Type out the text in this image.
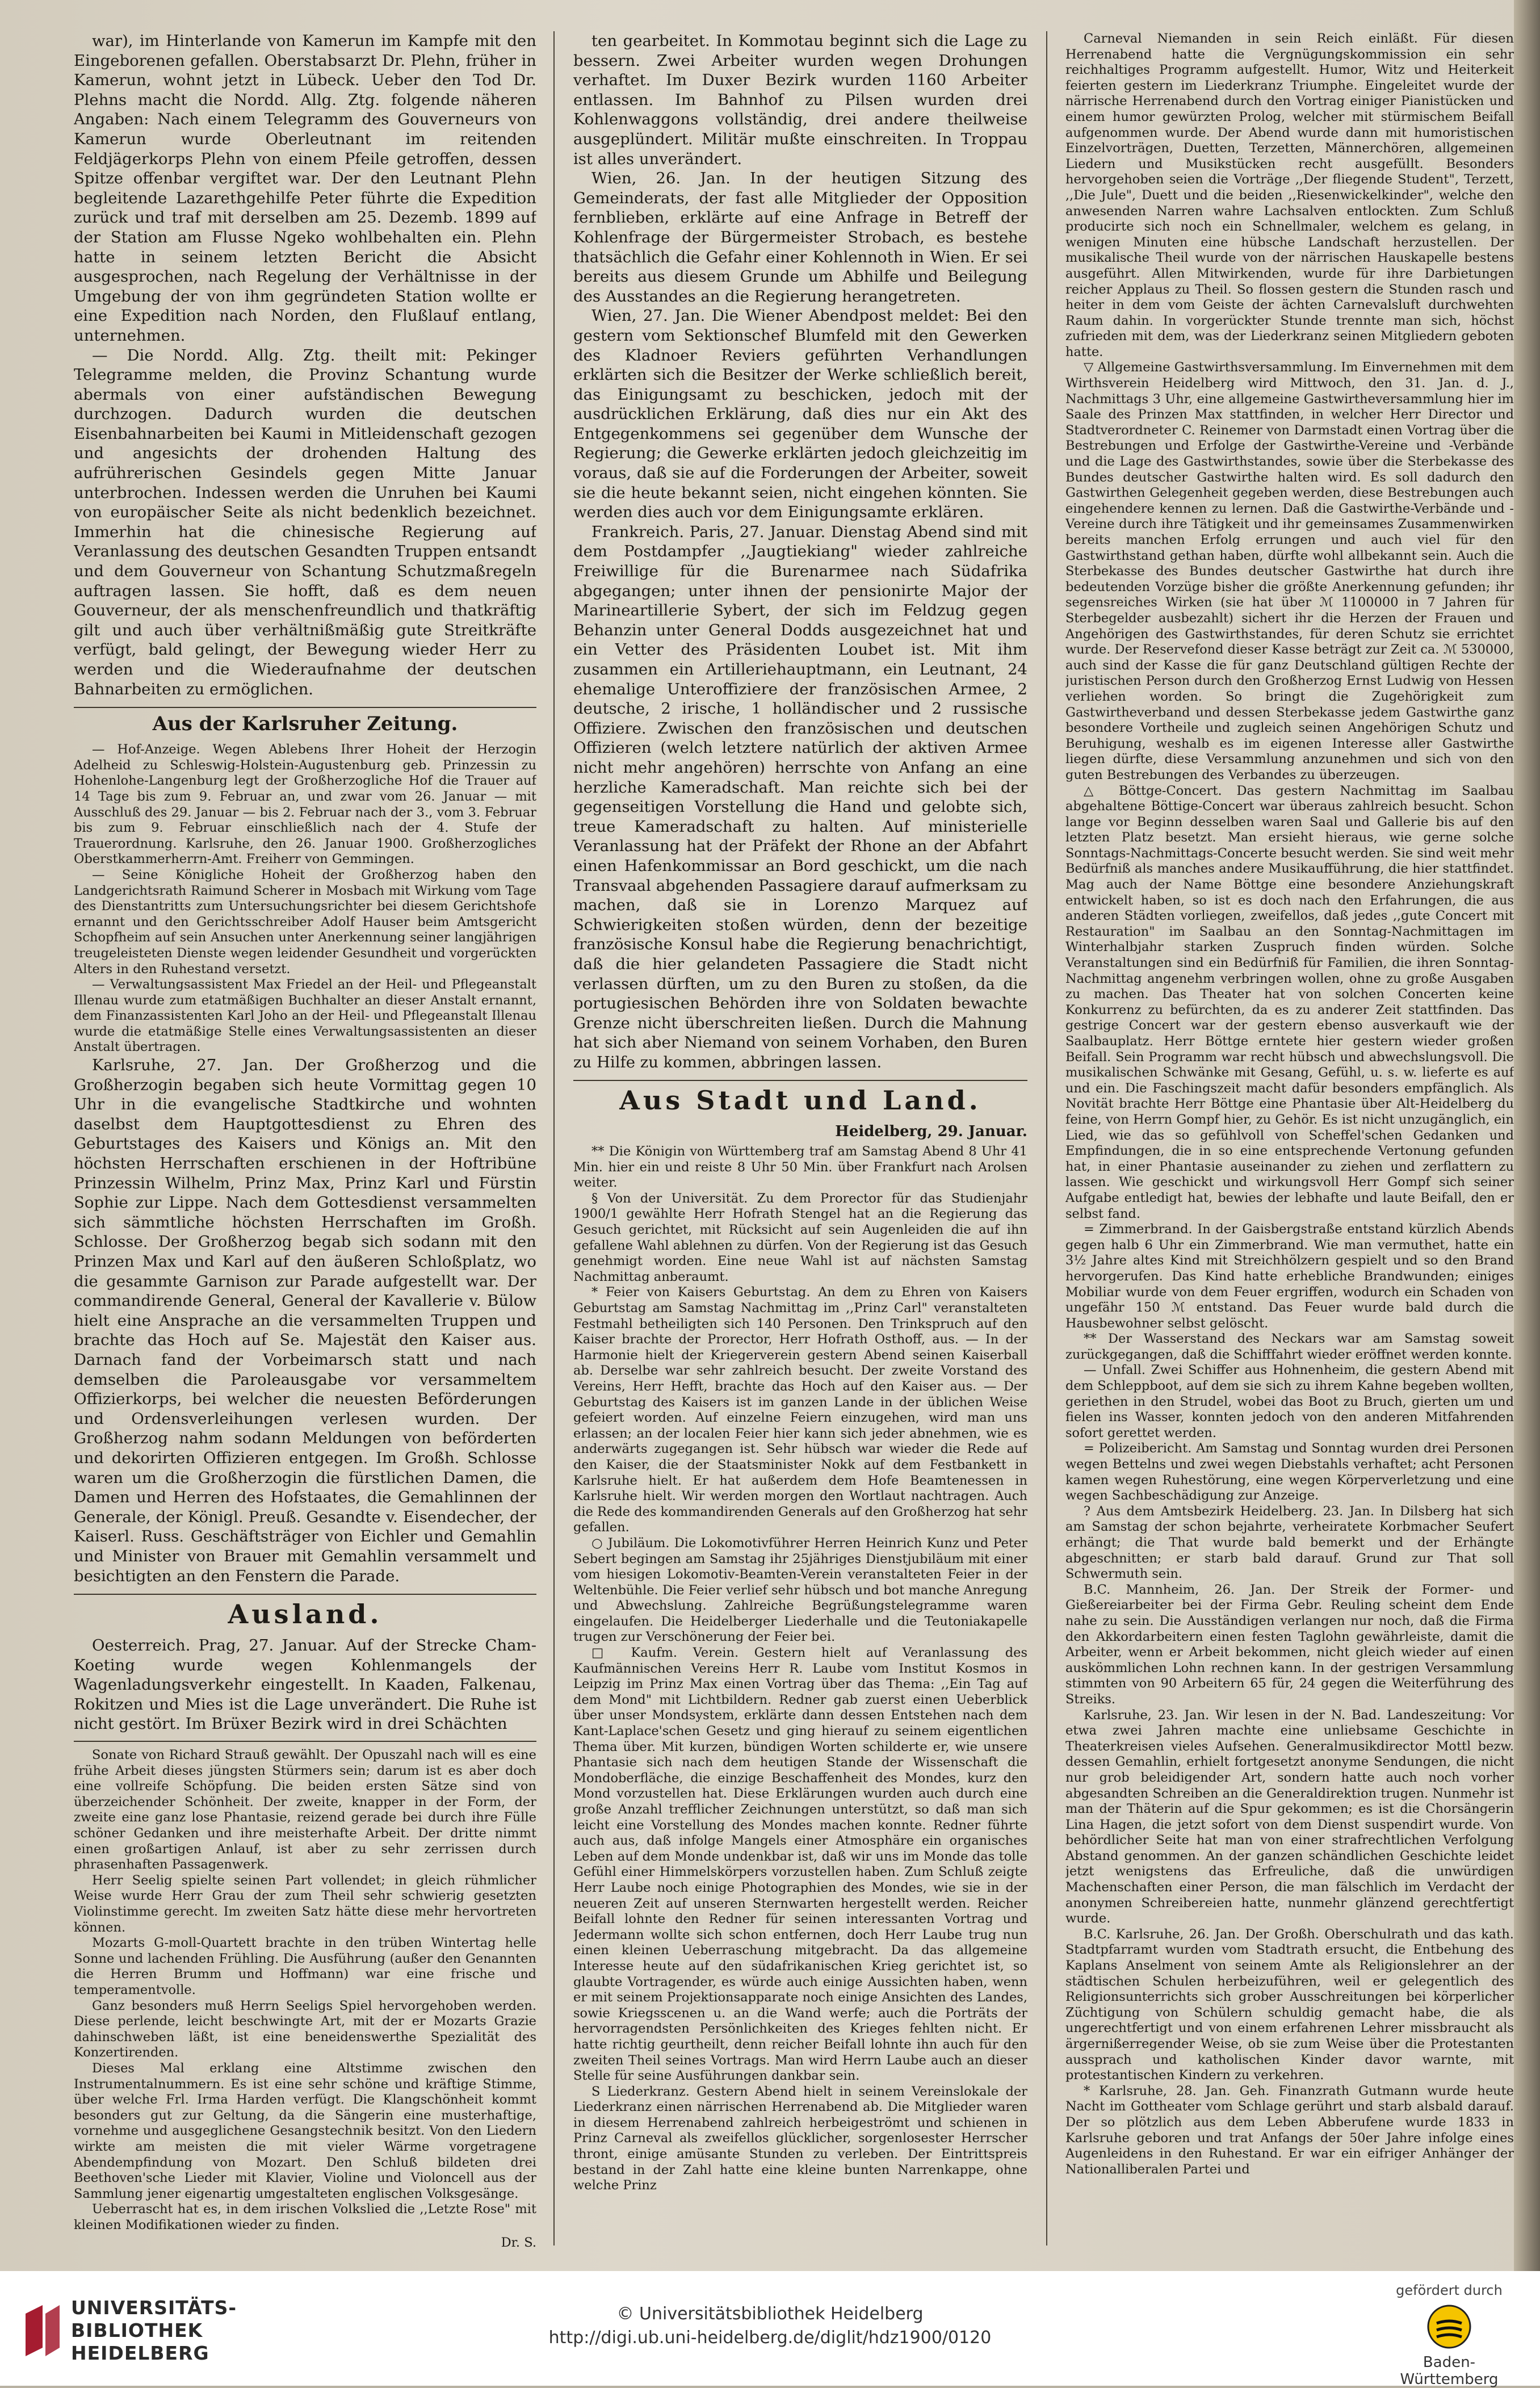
war), im Hinterlande von Kamerun im Kampfe mit den Eingeborenen gefallen. Oberstabsarzt Dr. Plehn, früher in Kamerun, wohnt jetzt in Lübeck. Ueber den Tod Dr. Plehns macht die Nordd. Allg. Ztg. folgende näheren Angaben: Nach einem Telegramm des Gouverneurs von Kamerun wurde Oberleutnant im reitenden Feldjägerkorps Plehn von einem Pfeile getroffen, dessen Spitze offenbar vergiftet war. Der den Leutnant Plehn begleitende Lazarethgehilfe Peter führte die Expedition zurück und traf mit derselben am 25. Dezemb. 1899 auf der Station am Flusse Ngeko wohlbehalten ein. Plehn hatte in seinem letzten Bericht die Absicht ausgesprochen, nach Regelung der Verhältnisse in der Umgebung der von ihm gegründeten Station wollte er eine Expedition nach Norden, den Flußlauf entlang, unternehmen.

— Die Nordd. Allg. Ztg. theilt mit: Pekinger Telegramme melden, die Provinz Schantung wurde abermals von einer aufständischen Bewegung durchzogen. Dadurch wurden die deutschen Eisenbahnarbeiten bei Kaumi in Mitleidenschaft gezogen und angesichts der drohenden Haltung des aufrührerischen Gesindels gegen Mitte Januar unterbrochen. Indessen werden die Unruhen bei Kaumi von europäischer Seite als nicht bedenklich bezeichnet. Immerhin hat die chinesische Regierung auf Veranlassung des deutschen Gesandten Truppen entsandt und dem Gouverneur von Schantung Schutzmaßregeln auftragen lassen. Sie hofft, daß es dem neuen Gouverneur, der als menschenfreundlich und thatkräftig gilt und auch über verhältnißmäßig gute Streitkräfte verfügt, bald gelingt, der Bewegung wieder Herr zu werden und die Wiederaufnahme der deutschen Bahnarbeiten zu ermöglichen.

Aus der Karlsruher Zeitung.

— Hof-Anzeige. Wegen Ablebens Ihrer Hoheit der Herzogin Adelheid zu Schleswig-Holstein-Augustenburg geb. Prinzessin zu Hohenlohe-Langenburg legt der Großherzogliche Hof die Trauer auf 14 Tage bis zum 9. Februar an, und zwar vom 26. Januar — mit Ausschluß des 29. Januar — bis 2. Februar nach der 3., vom 3. Februar bis zum 9. Februar einschließlich nach der 4. Stufe der Trauerordnung. Karlsruhe, den 26. Januar 1900. Großherzogliches Oberstkammerherrn-Amt. Freiherr von Gemmingen.

— Seine Königliche Hoheit der Großherzog haben den Landgerichtsrath Raimund Scherer in Mosbach mit Wirkung vom Tage des Dienstantritts zum Untersuchungsrichter bei diesem Gerichtshofe ernannt und den Gerichtsschreiber Adolf Hauser beim Amtsgericht Schopfheim auf sein Ansuchen unter Anerkennung seiner langjährigen treugeleisteten Dienste wegen leidender Gesundheit und vorgerückten Alters in den Ruhestand versetzt.

— Verwaltungsassistent Max Friedel an der Heil- und Pflegeanstalt Illenau wurde zum etatmäßigen Buchhalter an dieser Anstalt ernannt, dem Finanzassistenten Karl Joho an der Heil- und Pflegeanstalt Illenau wurde die etatmäßige Stelle eines Verwaltungsassistenten an dieser Anstalt übertragen.

Karlsruhe, 27. Jan. Der Großherzog und die Großherzogin begaben sich heute Vormittag gegen 10 Uhr in die evangelische Stadtkirche und wohnten daselbst dem Hauptgottesdienst zu Ehren des Geburtstages des Kaisers und Königs an. Mit den höchsten Herrschaften erschienen in der Hoftribüne Prinzessin Wilhelm, Prinz Max, Prinz Karl und Fürstin Sophie zur Lippe. Nach dem Gottesdienst versammelten sich sämmtliche höchsten Herrschaften im Großh. Schlosse. Der Großherzog begab sich sodann mit den Prinzen Max und Karl auf den äußeren Schloßplatz, wo die gesammte Garnison zur Parade aufgestellt war. Der commandirende General, General der Kavallerie v. Bülow hielt eine Ansprache an die versammelten Truppen und brachte das Hoch auf Se. Majestät den Kaiser aus. Darnach fand der Vorbeimarsch statt und nach demselben die Paroleausgabe vor versammeltem Offizierkorps, bei welcher die neuesten Beförderungen und Ordensverleihungen verlesen wurden. Der Großherzog nahm sodann Meldungen von beförderten und dekorirten Offizieren entgegen. Im Großh. Schlosse waren um die Großherzogin die fürstlichen Damen, die Damen und Herren des Hofstaates, die Gemahlinnen der Generale, der Königl. Preuß. Gesandte v. Eisendecher, der Kaiserl. Russ. Geschäftsträger von Eichler und Gemahlin und Minister von Brauer mit Gemahlin versammelt und besichtigten an den Fenstern die Parade.

Ausland.

Oesterreich. Prag, 27. Januar. Auf der Strecke Cham-Koeting wurde wegen Kohlenmangels der Wagenladungsverkehr eingestellt. In Kaaden, Falkenau, Rokitzen und Mies ist die Lage unverändert. Die Ruhe ist nicht gestört. Im Brüxer Bezirk wird in drei Schächten

Sonate von Richard Strauß gewählt. Der Opuszahl nach will es eine frühe Arbeit dieses jüngsten Stürmers sein; darum ist es aber doch eine vollreife Schöpfung. Die beiden ersten Sätze sind von überzeichender Schönheit. Der zweite, knapper in der Form, der zweite eine ganz lose Phantasie, reizend gerade bei durch ihre Fülle schöner Gedanken und ihre meisterhafte Arbeit. Der dritte nimmt einen großartigen Anlauf, ist aber zu sehr zerrissen durch phrasenhaften Passagenwerk.

Herr Seelig spielte seinen Part vollendet; in gleich rühmlicher Weise wurde Herr Grau der zum Theil sehr schwierig gesetzten Violinstimme gerecht. Im zweiten Satz hätte diese mehr hervortreten können.

Mozarts G-moll-Quartett brachte in den trüben Wintertag helle Sonne und lachenden Frühling. Die Ausführung (außer den Genannten die Herren Brumm und Hoffmann) war eine frische und temperamentvolle.

Ganz besonders muß Herrn Seeligs Spiel hervorgehoben werden. Diese perlende, leicht beschwingte Art, mit der er Mozarts Grazie dahinschweben läßt, ist eine beneidenswerthe Spezialität des Konzertirenden.

Dieses Mal erklang eine Altstimme zwischen den Instrumentalnummern. Es ist eine sehr schöne und kräftige Stimme, über welche Frl. Irma Harden verfügt. Die Klangschönheit kommt besonders gut zur Geltung, da die Sängerin eine musterhaftige, vornehme und ausgeglichene Gesangstechnik besitzt. Von den Liedern wirkte am meisten die mit vieler Wärme vorgetragene Abendempfindung von Mozart. Den Schluß bildeten drei Beethoven'sche Lieder mit Klavier, Violine und Violoncell aus der Sammlung jener eigenartig umgestalteten englischen Volksgesänge.

Ueberrascht hat es, in dem irischen Volkslied die ,,Letzte Rose" mit kleinen Modifikationen wieder zu finden.

Dr. S.

ten gearbeitet. In Kommotau beginnt sich die Lage zu bessern. Zwei Arbeiter wurden wegen Drohungen verhaftet. Im Duxer Bezirk wurden 1160 Arbeiter entlassen. Im Bahnhof zu Pilsen wurden drei Kohlenwaggons vollständig, drei andere theilweise ausgeplündert. Militär mußte einschreiten. In Troppau ist alles unverändert.

Wien, 26. Jan. In der heutigen Sitzung des Gemeinderats, der fast alle Mitglieder der Opposition fernblieben, erklärte auf eine Anfrage in Betreff der Kohlenfrage der Bürgermeister Strobach, es bestehe thatsächlich die Gefahr einer Kohlennoth in Wien. Er sei bereits aus diesem Grunde um Abhilfe und Beilegung des Ausstandes an die Regierung herangetreten.

Wien, 27. Jan. Die Wiener Abendpost meldet: Bei den gestern vom Sektionschef Blumfeld mit den Gewerken des Kladnoer Reviers geführten Verhandlungen erklärten sich die Besitzer der Werke schließlich bereit, das Einigungsamt zu beschicken, jedoch mit der ausdrücklichen Erklärung, daß dies nur ein Akt des Entgegenkommens sei gegenüber dem Wunsche der Regierung; die Gewerke erklärten jedoch gleichzeitig im voraus, daß sie auf die Forderungen der Arbeiter, soweit sie die heute bekannt seien, nicht eingehen könnten. Sie werden dies auch vor dem Einigungsamte erklären.

Frankreich. Paris, 27. Januar. Dienstag Abend sind mit dem Postdampfer ,,Jaugtiekiang" wieder zahlreiche Freiwillige für die Burenarmee nach Südafrika abgegangen; unter ihnen der pensionirte Major der Marineartillerie Sybert, der sich im Feldzug gegen Behanzin unter General Dodds ausgezeichnet hat und ein Vetter des Präsidenten Loubet ist. Mit ihm zusammen ein Artilleriehauptmann, ein Leutnant, 24 ehemalige Unteroffiziere der französischen Armee, 2 deutsche, 2 irische, 1 holländischer und 2 russische Offiziere. Zwischen den französischen und deutschen Offizieren (welch letztere natürlich der aktiven Armee nicht mehr angehören) herrschte von Anfang an eine herzliche Kameradschaft. Man reichte sich bei der gegenseitigen Vorstellung die Hand und gelobte sich, treue Kameradschaft zu halten. Auf ministerielle Veranlassung hat der Präfekt der Rhone an der Abfahrt einen Hafenkommissar an Bord geschickt, um die nach Transvaal abgehenden Passagiere darauf aufmerksam zu machen, daß sie in Lorenzo Marquez auf Schwierigkeiten stoßen würden, denn der bezeitige französische Konsul habe die Regierung benachrichtigt, daß die hier gelandeten Passagiere die Stadt nicht verlassen dürften, um zu den Buren zu stoßen, da die portugiesischen Behörden ihre von Soldaten bewachte Grenze nicht überschreiten ließen. Durch die Mahnung hat sich aber Niemand von seinem Vorhaben, den Buren zu Hilfe zu kommen, abbringen lassen.

Aus Stadt und Land.
Heidelberg, 29. Januar.

** Die Königin von Württemberg traf am Samstag Abend 8 Uhr 41 Min. hier ein und reiste 8 Uhr 50 Min. über Frankfurt nach Arolsen weiter.

§ Von der Universität. Zu dem Prorector für das Studienjahr 1900/1 gewählte Herr Hofrath Stengel hat an die Regierung das Gesuch gerichtet, mit Rücksicht auf sein Augenleiden die auf ihn gefallene Wahl ablehnen zu dürfen. Von der Regierung ist das Gesuch genehmigt worden. Eine neue Wahl ist auf nächsten Samstag Nachmittag anberaumt.

* Feier von Kaisers Geburtstag. An dem zu Ehren von Kaisers Geburtstag am Samstag Nachmittag im ,,Prinz Carl" veranstalteten Festmahl betheiligten sich 140 Personen. Den Trinkspruch auf den Kaiser brachte der Prorector, Herr Hofrath Osthoff, aus. — In der Harmonie hielt der Kriegerverein gestern Abend seinen Kaiserball ab. Derselbe war sehr zahlreich besucht. Der zweite Vorstand des Vereins, Herr Hefft, brachte das Hoch auf den Kaiser aus. — Der Geburtstag des Kaisers ist im ganzen Lande in der üblichen Weise gefeiert worden. Auf einzelne Feiern einzugehen, wird man uns erlassen; an der localen Feier hier kann sich jeder abnehmen, wie es anderwärts zugegangen ist. Sehr hübsch war wieder die Rede auf den Kaiser, die der Staatsminister Nokk auf dem Festbankett in Karlsruhe hielt. Er hat außerdem dem Hofe Beamtenessen in Karlsruhe hielt. Wir werden morgen den Wortlaut nachtragen. Auch die Rede des kommandirenden Generals auf den Großherzog hat sehr gefallen.

○ Jubiläum. Die Lokomotivführer Herren Heinrich Kunz und Peter Sebert begingen am Samstag ihr 25jähriges Dienstjubiläum mit einer vom hiesigen Lokomotiv-Beamten-Verein veranstalteten Feier in der Weltenbühle. Die Feier verlief sehr hübsch und bot manche Anregung und Abwechslung. Zahlreiche Begrüßungstelegramme waren eingelaufen. Die Heidelberger Liederhalle und die Teutoniakapelle trugen zur Verschönerung der Feier bei.

□ Kaufm. Verein. Gestern hielt auf Veranlassung des Kaufmännischen Vereins Herr R. Laube vom Institut Kosmos in Leipzig im Prinz Max einen Vortrag über das Thema: ,,Ein Tag auf dem Mond" mit Lichtbildern. Redner gab zuerst einen Ueberblick über unser Mondsystem, erklärte dann dessen Entstehen nach dem Kant-Laplace'schen Gesetz und ging hierauf zu seinem eigentlichen Thema über. Mit kurzen, bündigen Worten schilderte er, wie unsere Phantasie sich nach dem heutigen Stande der Wissenschaft die Mondoberfläche, die einzige Beschaffenheit des Mondes, kurz den Mond vorzustellen hat. Diese Erklärungen wurden auch durch eine große Anzahl trefflicher Zeichnungen unterstützt, so daß man sich leicht eine Vorstellung des Mondes machen konnte. Redner führte auch aus, daß infolge Mangels einer Atmosphäre ein organisches Leben auf dem Monde undenkbar ist, daß wir uns im Monde das tolle Gefühl einer Himmelskörpers vorzustellen haben. Zum Schluß zeigte Herr Laube noch einige Photographien des Mondes, wie sie in der neueren Zeit auf unseren Sternwarten hergestellt werden. Reicher Beifall lohnte den Redner für seinen interessanten Vortrag und Jedermann wollte sich schon entfernen, doch Herr Laube trug nun einen kleinen Ueberraschung mitgebracht. Da das allgemeine Interesse heute auf den südafrikanischen Krieg gerichtet ist, so glaubte Vortragender, es würde auch einige Aussichten haben, wenn er mit seinem Projektionsapparate noch einige Ansichten des Landes, sowie Kriegsscenen u. an die Wand werfe; auch die Porträts der hervorragendsten Persönlichkeiten des Krieges fehlten nicht. Er hatte richtig geurtheilt, denn reicher Beifall lohnte ihn auch für den zweiten Theil seines Vortrags. Man wird Herrn Laube auch an dieser Stelle für seine Ausführungen dankbar sein.

S Liederkranz. Gestern Abend hielt in seinem Vereinslokale der Liederkranz einen närrischen Herrenabend ab. Die Mitglieder waren in diesem Herrenabend zahlreich herbeigeströmt und schienen in Prinz Carneval als zweifellos glücklicher, sorgenlosester Herrscher thront, einige amüsante Stunden zu verleben. Der Eintrittspreis bestand in der Zahl hatte eine kleine bunten Narrenkappe, ohne welche Prinz

Carneval Niemanden in sein Reich einläßt. Für diesen Herrenabend hatte die Vergnügungskommission ein sehr reichhaltiges Programm aufgestellt. Humor, Witz und Heiterkeit feierten gestern im Liederkranz Triumphe. Eingeleitet wurde der närrische Herrenabend durch den Vortrag einiger Pianistücken und einem humor gewürzten Prolog, welcher mit stürmischem Beifall aufgenommen wurde. Der Abend wurde dann mit humoristischen Einzelvorträgen, Duetten, Terzetten, Männerchören, allgemeinen Liedern und Musikstücken recht ausgefüllt. Besonders hervorgehoben seien die Vorträge ,,Der fliegende Student", Terzett, ,,Die Jule", Duett und die beiden ,,Riesenwickelkinder", welche den anwesenden Narren wahre Lachsalven entlockten. Zum Schluß producirte sich noch ein Schnellmaler, welchem es gelang, in wenigen Minuten eine hübsche Landschaft herzustellen. Der musikalische Theil wurde von der närrischen Hauskapelle bestens ausgeführt. Allen Mitwirkenden, wurde für ihre Darbietungen reicher Applaus zu Theil. So flossen gestern die Stunden rasch und heiter in dem vom Geiste der ächten Carnevalsluft durchwehten Raum dahin. In vorgerückter Stunde trennte man sich, höchst zufrieden mit dem, was der Liederkranz seinen Mitgliedern geboten hatte.

▽ Allgemeine Gastwirthsversammlung. Im Einvernehmen mit dem Wirthsverein Heidelberg wird Mittwoch, den 31. Jan. d. J., Nachmittags 3 Uhr, eine allgemeine Gastwirtheversammlung hier im Saale des Prinzen Max stattfinden, in welcher Herr Director und Stadtverordneter C. Reinemer von Darmstadt einen Vortrag über die Bestrebungen und Erfolge der Gastwirthe-Vereine und -Verbände und die Lage des Gastwirthstandes, sowie über die Sterbekasse des Bundes deutscher Gastwirthe halten wird. Es soll dadurch den Gastwirthen Gelegenheit gegeben werden, diese Bestrebungen auch eingehendere kennen zu lernen. Daß die Gastwirthe-Verbände und -Vereine durch ihre Tätigkeit und ihr gemeinsames Zusammenwirken bereits manchen Erfolg errungen und auch viel für den Gastwirthstand gethan haben, dürfte wohl allbekannt sein. Auch die Sterbekasse des Bundes deutscher Gastwirthe hat durch ihre bedeutenden Vorzüge bisher die größte Anerkennung gefunden; ihr segensreiches Wirken (sie hat über ℳ 1100000 in 7 Jahren für Sterbegelder ausbezahlt) sichert ihr die Herzen der Frauen und Angehörigen des Gastwirthstandes, für deren Schutz sie errichtet wurde. Der Reservefond dieser Kasse beträgt zur Zeit ca. ℳ 530000, auch sind der Kasse die für ganz Deutschland gültigen Rechte der juristischen Person durch den Großherzog Ernst Ludwig von Hessen verliehen worden. So bringt die Zugehörigkeit zum Gastwirtheverband und dessen Sterbekasse jedem Gastwirthe ganz besondere Vortheile und zugleich seinen Angehörigen Schutz und Beruhigung, weshalb es im eigenen Interesse aller Gastwirthe liegen dürfte, diese Versammlung anzunehmen und sich von den guten Bestrebungen des Verbandes zu überzeugen.

△ Böttge-Concert. Das gestern Nachmittag im Saalbau abgehaltene Böttige-Concert war überaus zahlreich besucht. Schon lange vor Beginn desselben waren Saal und Gallerie bis auf den letzten Platz besetzt. Man ersieht hieraus, wie gerne solche Sonntags-Nachmittags-Concerte besucht werden. Sie sind weit mehr Bedürfniß als manches andere Musikaufführung, die hier stattfindet. Mag auch der Name Böttge eine besondere Anziehungskraft entwickelt haben, so ist es doch nach den Erfahrungen, die aus anderen Städten vorliegen, zweifellos, daß jedes ,,gute Concert mit Restauration" im Saalbau an den Sonntag-Nachmittagen im Winterhalbjahr starken Zuspruch finden würden. Solche Veranstaltungen sind ein Bedürfniß für Familien, die ihren Sonntag-Nachmittag angenehm verbringen wollen, ohne zu große Ausgaben zu machen. Das Theater hat von solchen Concerten keine Konkurrenz zu befürchten, da es zu anderer Zeit stattfinden. Das gestrige Concert war der gestern ebenso ausverkauft wie der Saalbauplatz. Herr Böttge erntete hier gestern wieder großen Beifall. Sein Programm war recht hübsch und abwechslungsvoll. Die musikalischen Schwänke mit Gesang, Gefühl, u. s. w. lieferte es auf und ein. Die Faschingszeit macht dafür besonders empfänglich. Als Novität brachte Herr Böttge eine Phantasie über Alt-Heidelberg du feine, von Herrn Gompf hier, zu Gehör. Es ist nicht unzugänglich, ein Lied, wie das so gefühlvoll von Scheffel'schen Gedanken und Empfindungen, die in so eine entsprechende Vertonung gefunden hat, in einer Phantasie auseinander zu ziehen und zerflattern zu lassen. Wie geschickt und wirkungsvoll Herr Gompf sich seiner Aufgabe entledigt hat, bewies der lebhafte und laute Beifall, den er selbst fand.

= Zimmerbrand. In der Gaisbergstraße entstand kürzlich Abends gegen halb 6 Uhr ein Zimmerbrand. Wie man vermuthet, hatte ein 3½ Jahre altes Kind mit Streichhölzern gespielt und so den Brand hervorgerufen. Das Kind hatte erhebliche Brandwunden; einiges Mobiliar wurde von dem Feuer ergriffen, wodurch ein Schaden von ungefähr 150 ℳ entstand. Das Feuer wurde bald durch die Hausbewohner selbst gelöscht.

** Der Wasserstand des Neckars war am Samstag soweit zurückgegangen, daß die Schifffahrt wieder eröffnet werden konnte.

— Unfall. Zwei Schiffer aus Hohnenheim, die gestern Abend mit dem Schleppboot, auf dem sie sich zu ihrem Kahne begeben wollten, geriethen in den Strudel, wobei das Boot zu Bruch, gierten um und fielen ins Wasser, konnten jedoch von den anderen Mitfahrenden sofort gerettet werden.

= Polizeibericht. Am Samstag und Sonntag wurden drei Personen wegen Bettelns und zwei wegen Diebstahls verhaftet; acht Personen kamen wegen Ruhestörung, eine wegen Körperverletzung und eine wegen Sachbeschädigung zur Anzeige.

? Aus dem Amtsbezirk Heidelberg. 23. Jan. In Dilsberg hat sich am Samstag der schon bejahrte, verheiratete Korbmacher Seufert erhängt; die That wurde bald bemerkt und der Erhängte abgeschnitten; er starb bald darauf. Grund zur That soll Schwermuth sein.

B.C. Mannheim, 26. Jan. Der Streik der Former- und Gießereiarbeiter bei der Firma Gebr. Reuling scheint dem Ende nahe zu sein. Die Ausständigen verlangen nur noch, daß die Firma den Akkordarbeitern einen festen Taglohn gewährleiste, damit die Arbeiter, wenn er Arbeit bekommen, nicht gleich wieder auf einen auskömmlichen Lohn rechnen kann. In der gestrigen Versammlung stimmten von 90 Arbeitern 65 für, 24 gegen die Weiterführung des Streiks.

Karlsruhe, 23. Jan. Wir lesen in der N. Bad. Landeszeitung: Vor etwa zwei Jahren machte eine unliebsame Geschichte in Theaterkreisen vieles Aufsehen. Generalmusikdirector Mottl bezw. dessen Gemahlin, erhielt fortgesetzt anonyme Sendungen, die nicht nur grob beleidigender Art, sondern hatte auch noch vorher abgesandten Schreiben an die Generaldirektion trugen. Nunmehr ist man der Thäterin auf die Spur gekommen; es ist die Chorsängerin Lina Hagen, die jetzt sofort von dem Dienst suspendirt wurde. Von behördlicher Seite hat man von einer strafrechtlichen Verfolgung Abstand genommen. An der ganzen schändlichen Geschichte leidet jetzt wenigstens das Erfreuliche, daß die unwürdigen Machenschaften einer Person, die man fälschlich im Verdacht der anonymen Schreibereien hatte, nunmehr glänzend gerechtfertigt wurde.

B.C. Karlsruhe, 26. Jan. Der Großh. Oberschulrath und das kath. Stadtpfarramt wurden vom Stadtrath ersucht, die Entbehung des Kaplans Anselment von seinem Amte als Religionslehrer an der städtischen Schulen herbeizuführen, weil er gelegentlich des Religionsunterrichts sich grober Ausschreitungen bei körperlicher Züchtigung von Schülern schuldig gemacht habe, die als ungerechtfertigt und von einem erfahrenen Lehrer missbraucht als ärgernißerregender Weise, ob sie zum Weise über die Protestanten aussprach und katholischen Kinder davor warnte, mit protestantischen Kindern zu verkehren.

* Karlsruhe, 28. Jan. Geh. Finanzrath Gutmann wurde heute Nacht im Gottheater vom Schlage gerührt und starb alsbald darauf. Der so plötzlich aus dem Leben Abberufene wurde 1833 in Karlsruhe geboren und trat Anfangs der 50er Jahre infolge eines Augenleidens in den Ruhestand. Er war ein eifriger Anhänger der Nationalliberalen Partei und

UNIVERSITÄTS-
BIBLIOTHEK
HEIDELBERG
© Universitätsbibliothek Heidelberg
http://digi.ub.uni-heidelberg.de/diglit/hdz1900/0120
gefördert durch
Baden-Württemberg
